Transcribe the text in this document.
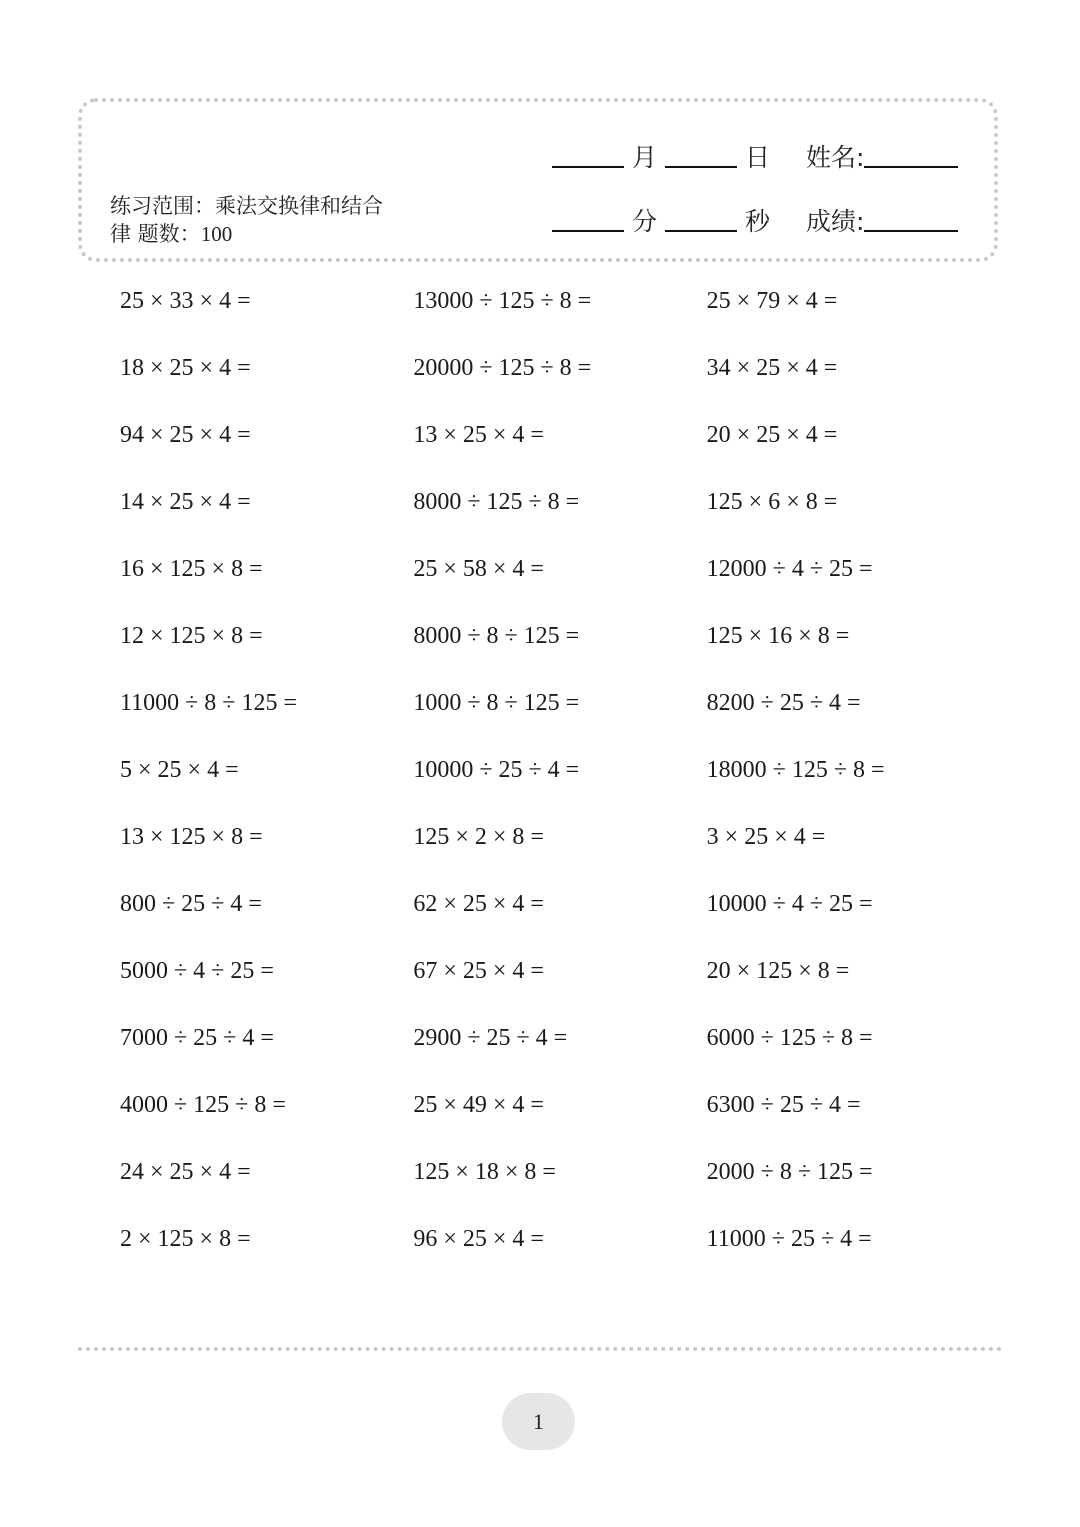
月	日 姓名:
分	秒 成绩:
练习范围：乘法交换律和结合
律 题数：100
25 × 33 × 4 =	13000 ÷ 125 ÷ 8 =	25 × 79 × 4 =
18 × 25 × 4 =	20000 ÷ 125 ÷ 8 =	34 × 25 × 4 =
94 × 25 × 4 =	13 × 25 × 4 =	20 × 25 × 4 =
14 × 25 × 4 =	8000 ÷ 125 ÷ 8 =	125 × 6 × 8 =
16 × 125 × 8 =	25 × 58 × 4 =	12000 ÷ 4 ÷ 25 =
12 × 125 × 8 =	8000 ÷ 8 ÷ 125 =	125 × 16 × 8 =
11000 ÷ 8 ÷ 125 =	1000 ÷ 8 ÷ 125 =	8200 ÷ 25 ÷ 4 =
5 × 25 × 4 =	10000 ÷ 25 ÷ 4 =	18000 ÷ 125 ÷ 8 =
13 × 125 × 8 =	125 × 2 × 8 =	3 × 25 × 4 =
800 ÷ 25 ÷ 4 =	62 × 25 × 4 =	10000 ÷ 4 ÷ 25 =
5000 ÷ 4 ÷ 25 =	67 × 25 × 4 =	20 × 125 × 8 =
7000 ÷ 25 ÷ 4 =	2900 ÷ 25 ÷ 4 =	6000 ÷ 125 ÷ 8 =
4000 ÷ 125 ÷ 8 =	25 × 49 × 4 =	6300 ÷ 25 ÷ 4 =
24 × 25 × 4 =	125 × 18 × 8 =	2000 ÷ 8 ÷ 125 =
2 × 125 × 8 =	96 × 25 × 4 =	11000 ÷ 25 ÷ 4 =
1
